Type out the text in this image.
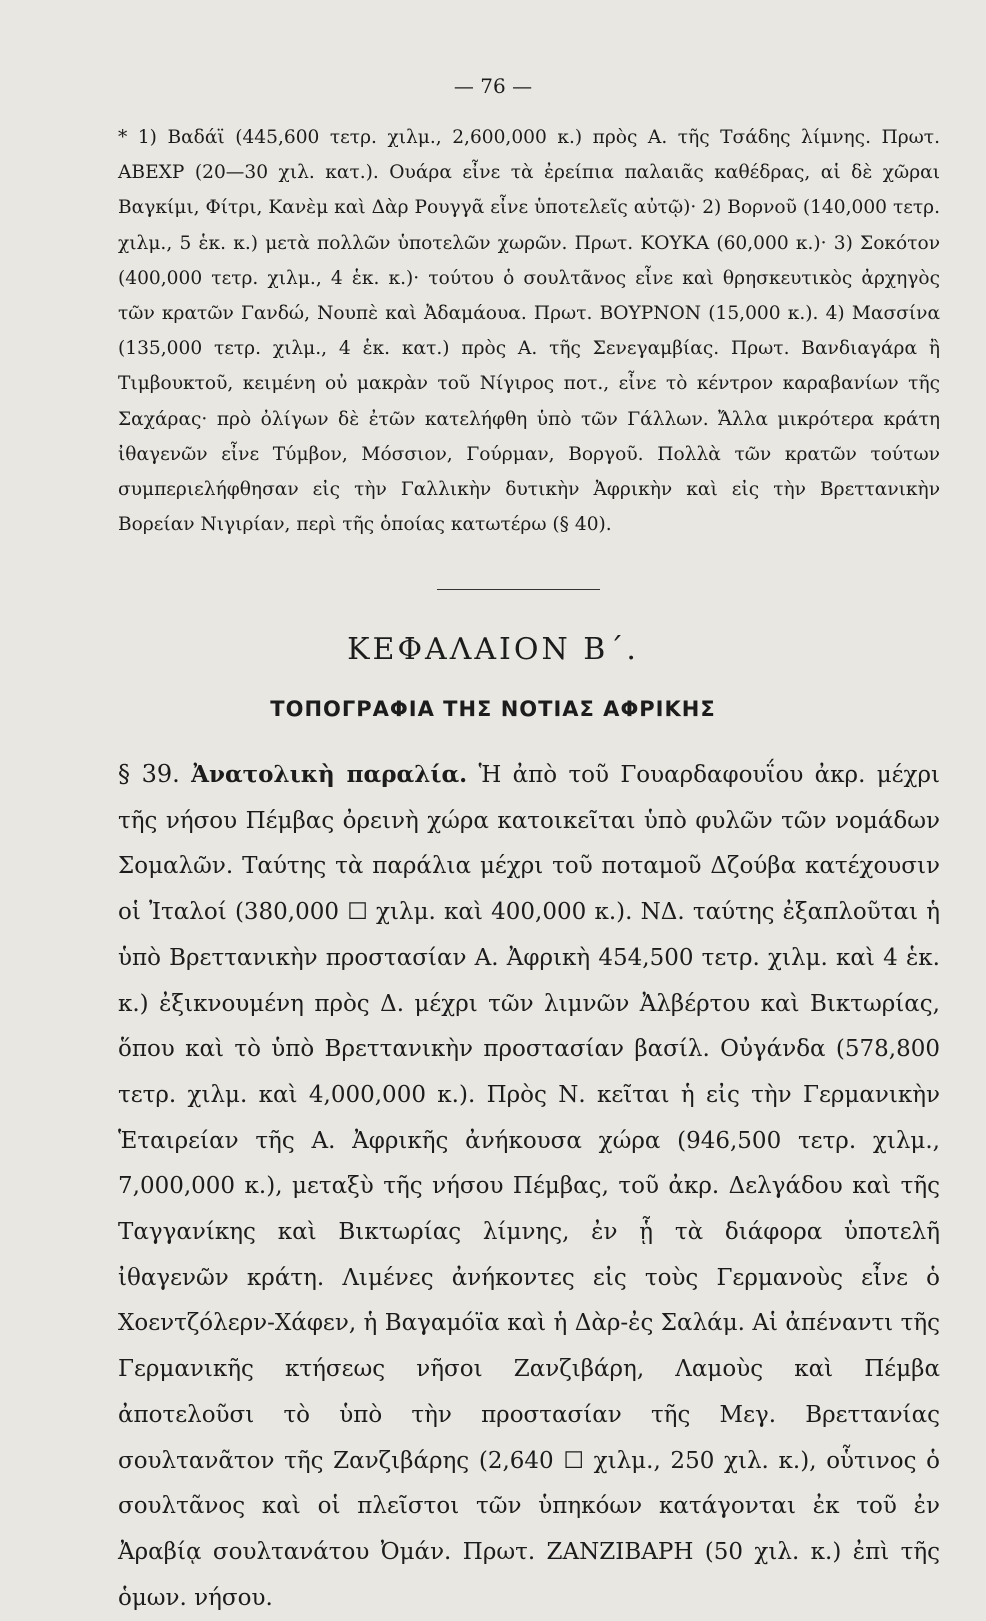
— 76 —
* 1) Βαδάϊ (445,600 τετρ. χιλμ., 2,600,000 κ.) πρὸς Α. τῆς Τσάδης λίμνης. Πρωτ. ΑΒΕΧΡ (20—30 χιλ. κατ.). Ουάρα εἶνε τὰ ἐρείπια παλαιᾶς καθέδρας, αἱ δὲ χῶραι Βαγκίμι, Φίτρι, Κανὲμ καὶ Δὰρ Ρουγγᾶ εἶνε ὑποτελεῖς αὐτῷ)· 2) Βορνοῦ (140,000 τετρ. χιλμ., 5 ἑκ. κ.) μετὰ πολλῶν ὑποτελῶν χωρῶν. Πρωτ. ΚΟΥΚΑ (60,000 κ.)· 3) Σοκότον (400,000 τετρ. χιλμ., 4 ἑκ. κ.)· τούτου ὁ σουλτᾶνος εἶνε καὶ θρησκευτικὸς ἀρχηγὸς τῶν κρατῶν Γανδώ, Νουπὲ καὶ Ἀδαμάουα. Πρωτ. ΒΟΥΡΝΟΝ (15,000 κ.). 4) Μασσίνα (135,000 τετρ. χιλμ., 4 ἑκ. κατ.) πρὸς Α. τῆς Σενεγαμβίας. Πρωτ. Βανδιαγάρα ἢ Τιμβουκτοῦ, κειμένη οὐ μακρὰν τοῦ Νίγιρος ποτ., εἶνε τὸ κέντρον καραβανίων τῆς Σαχάρας· πρὸ ὀλίγων δὲ ἐτῶν κατελήφθη ὑπὸ τῶν Γάλλων. Ἄλλα μικρότερα κράτη ἰθαγενῶν εἶνε Τύμβον, Μόσσιον, Γούρμαν, Βοργοῦ. Πολλὰ τῶν κρατῶν τούτων συμπεριελήφθησαν εἰς τὴν Γαλλικὴν δυτικὴν Ἀφρικὴν καὶ εἰς τὴν Βρεττανικὴν Βορείαν Νιγιρίαν, περὶ τῆς ὁποίας κατωτέρω (§ 40).
ΚΕΦΑΛΑΙΟΝ Β΄.
ΤΟΠΟΓΡΑΦΙΑ ΤΗΣ ΝΟΤΙΑΣ ΑΦΡΙΚΗΣ
§ 39. Ἀνατολικὴ παραλία. Ἡ ἀπὸ τοῦ Γουαρδαφουΐου ἀκρ. μέχρι τῆς νήσου Πέμβας ὀρεινὴ χώρα κατοικεῖται ὑπὸ φυλῶν τῶν νομάδων Σομαλῶν. Ταύτης τὰ παράλια μέχρι τοῦ ποταμοῦ Δζούβα κατέχουσιν οἱ Ἰταλοί (380,000 ☐ χιλμ. καὶ 400,000 κ.). ΝΔ. ταύτης ἐξαπλοῦται ἡ ὑπὸ Βρεττανικὴν προστασίαν Α. Ἀφρικὴ 454,500 τετρ. χιλμ. καὶ 4 ἑκ. κ.) ἐξικνουμένη πρὸς Δ. μέχρι τῶν λιμνῶν Ἀλβέρτου καὶ Βικτωρίας, ὅπου καὶ τὸ ὑπὸ Βρεττανικὴν προστασίαν βασίλ. Οὐγάνδα (578,800 τετρ. χιλμ. καὶ 4,000,000 κ.). Πρὸς Ν. κεῖται ἡ εἰς τὴν Γερμανικὴν Ἑταιρείαν τῆς Α. Ἀφρικῆς ἀνήκουσα χώρα (946,500 τετρ. χιλμ., 7,000,000 κ.), μεταξὺ τῆς νήσου Πέμβας, τοῦ ἀκρ. Δελγάδου καὶ τῆς Ταγγανίκης καὶ Βικτωρίας λίμνης, ἐν ᾗ τὰ διάφορα ὑποτελῆ ἰθαγενῶν κράτη. Λιμένες ἀνήκοντες εἰς τοὺς Γερμανοὺς εἶνε ὁ Χοεντζόλερν-Χάφεν, ἡ Βαγαμόϊα καὶ ἡ Δὰρ-ἐς Σαλάμ. Αἱ ἀπέναντι τῆς Γερμανικῆς κτήσεως νῆσοι Ζανζιβάρη, Λαμοὺς καὶ Πέμβα ἀποτελοῦσι τὸ ὑπὸ τὴν προστασίαν τῆς Μεγ. Βρεττανίας σουλτανᾶτον τῆς Ζανζιβάρης (2,640 ☐ χιλμ., 250 χιλ. κ.), οὗτινος ὁ σουλτᾶνος καὶ οἱ πλεῖστοι τῶν ὑπηκόων κατάγονται ἐκ τοῦ ἐν Ἀραβίᾳ σουλτανάτου Ὀμάν. Πρωτ. ΖΑΝΖΙΒΑΡΗ (50 χιλ. κ.) ἐπὶ τῆς ὁμων. νήσου.
